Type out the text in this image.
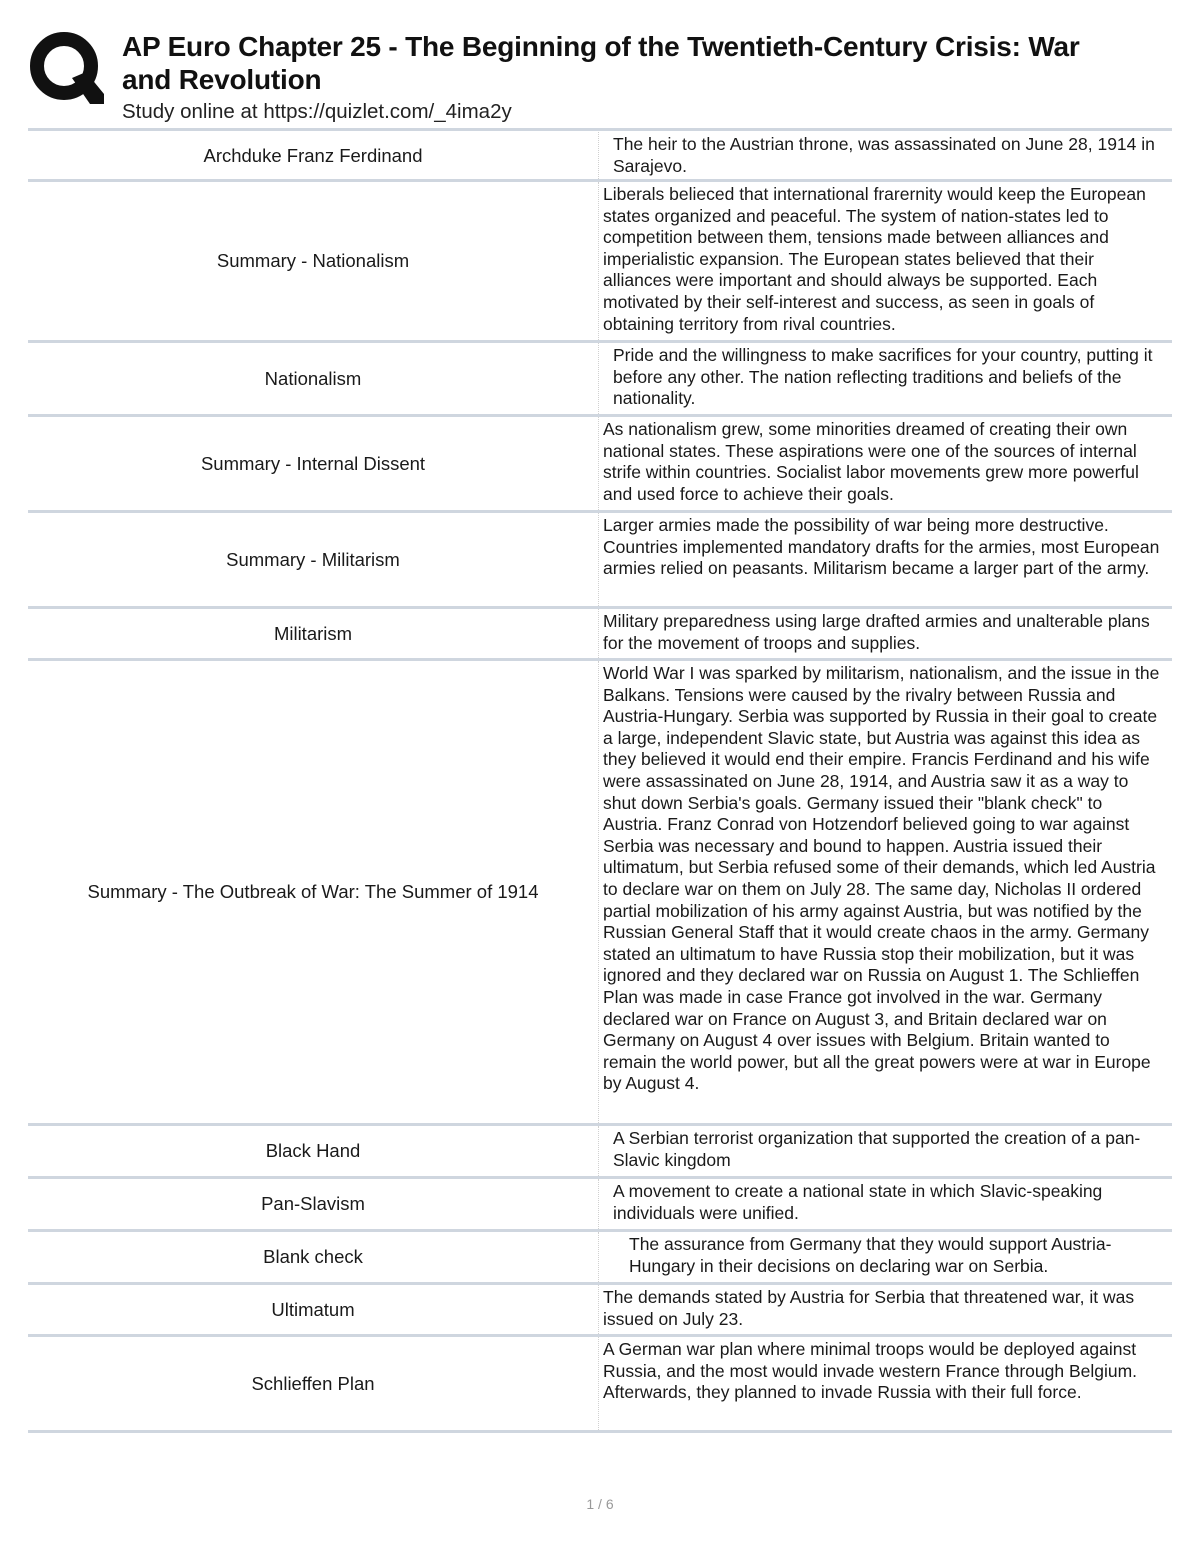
AP Euro Chapter 25 - The Beginning of the Twentieth-Century Crisis: War
and Revolution
Study online at https://quizlet.com/_4ima2y
Archduke Franz Ferdinand
The heir to the Austrian throne, was assassinated on June 28, 1914 in Sarajevo.
Summary - Nationalism
Liberals belieced that international frarernity would keep the European states organized and peaceful. The system of nation-states led to competition between them, tensions made between alliances and imperialistic expansion. The European states believed that their alliances were important and should always be supported. Each motivated by their self-interest and success, as seen in goals of obtaining territory from rival countries.
Nationalism
Pride and the willingness to make sacrifices for your country, putting it before any other. The nation reflecting traditions and beliefs of the nationality.
Summary - Internal Dissent
As nationalism grew, some minorities dreamed of creating their own national states. These aspirations were one of the sources of internal strife within countries. Socialist labor movements grew more powerful and used force to achieve their goals.
Summary - Militarism
Larger armies made the possibility of war being more destructive. Countries implemented mandatory drafts for the armies, most European armies relied on peasants. Militarism became a larger part of the army.
Militarism
Military preparedness using large drafted armies and unalterable plans for the movement of troops and supplies.
Summary - The Outbreak of War: The Summer of 1914
World War I was sparked by militarism, nationalism, and the issue in the Balkans. Tensions were caused by the rivalry between Russia and Austria-Hungary. Serbia was supported by Russia in their goal to create a large, independent Slavic state, but Austria was against this idea as they believed it would end their empire. Francis Ferdinand and his wife were assassinated on June 28, 1914, and Austria saw it as a way to shut down Serbia's goals. Germany issued their "blank check" to Austria. Franz Conrad von Hotzendorf believed going to war against Serbia was necessary and bound to happen. Austria issued their ultimatum, but Serbia refused some of their demands, which led Austria to declare war on them on July 28. The same day, Nicholas II ordered partial mobilization of his army against Austria, but was notified by the Russian General Staff that it would create chaos in the army. Germany stated an ultimatum to have Russia stop their mobilization, but it was ignored and they declared war on Russia on August 1. The Schlieffen Plan was made in case France got involved in the war. Germany declared war on France on August 3, and Britain declared war on Germany on August 4 over issues with Belgium. Britain wanted to remain the world power, but all the great powers were at war in Europe by August 4.
Black Hand
A Serbian terrorist organization that supported the creation of a pan-Slavic kingdom
Pan-Slavism
A movement to create a national state in which Slavic-speaking individuals were unified.
Blank check
The assurance from Germany that they would support Austria-Hungary in their decisions on declaring war on Serbia.
Ultimatum
The demands stated by Austria for Serbia that threatened war, it was issued on July 23.
Schlieffen Plan
A German war plan where minimal troops would be deployed against Russia, and the most would invade western France through Belgium. Afterwards, they planned to invade Russia with their full force.
1 / 6
